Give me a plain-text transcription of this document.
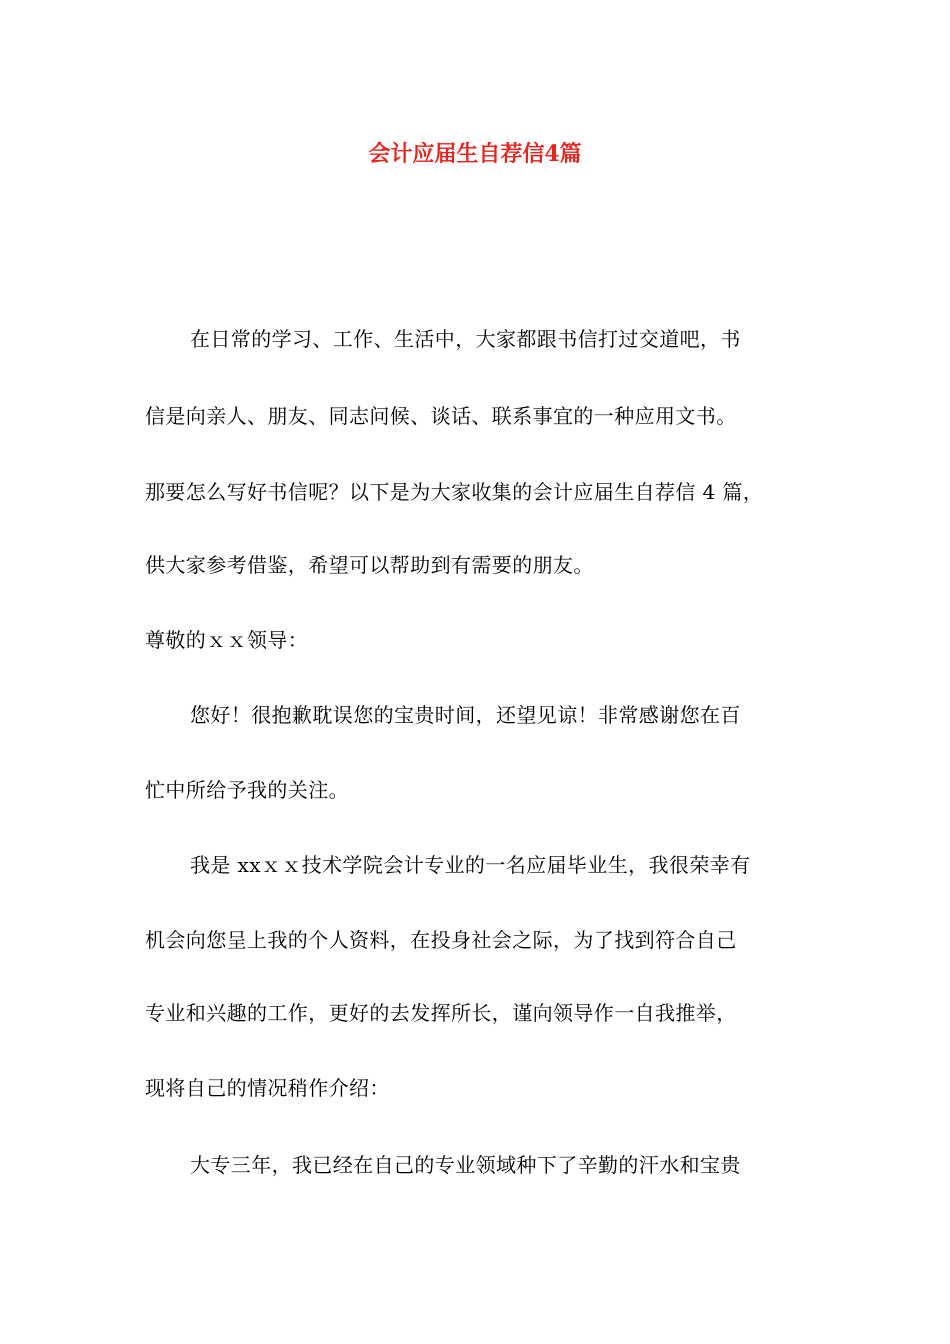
会计应届生自荐信4篇
在日常的学习、工作、生活中，大家都跟书信打过交道吧，书
信是向亲人、朋友、同志问候、谈话、联系事宜的一种应用文书。
那要怎么写好书信呢？以下是为大家收集的会计应届生自荐信 4 篇，
供大家参考借鉴，希望可以帮助到有需要的朋友。
尊敬的ｘｘ领导：
您好！很抱歉耽误您的宝贵时间，还望见谅！非常感谢您在百
忙中所给予我的关注。
我是 xxｘｘ技术学院会计专业的一名应届毕业生，我很荣幸有
机会向您呈上我的个人资料，在投身社会之际，为了找到符合自己
专业和兴趣的工作，更好的去发挥所长，谨向领导作一自我推举，
现将自己的情况稍作介绍：
大专三年，我已经在自己的专业领域种下了辛勤的汗水和宝贵
